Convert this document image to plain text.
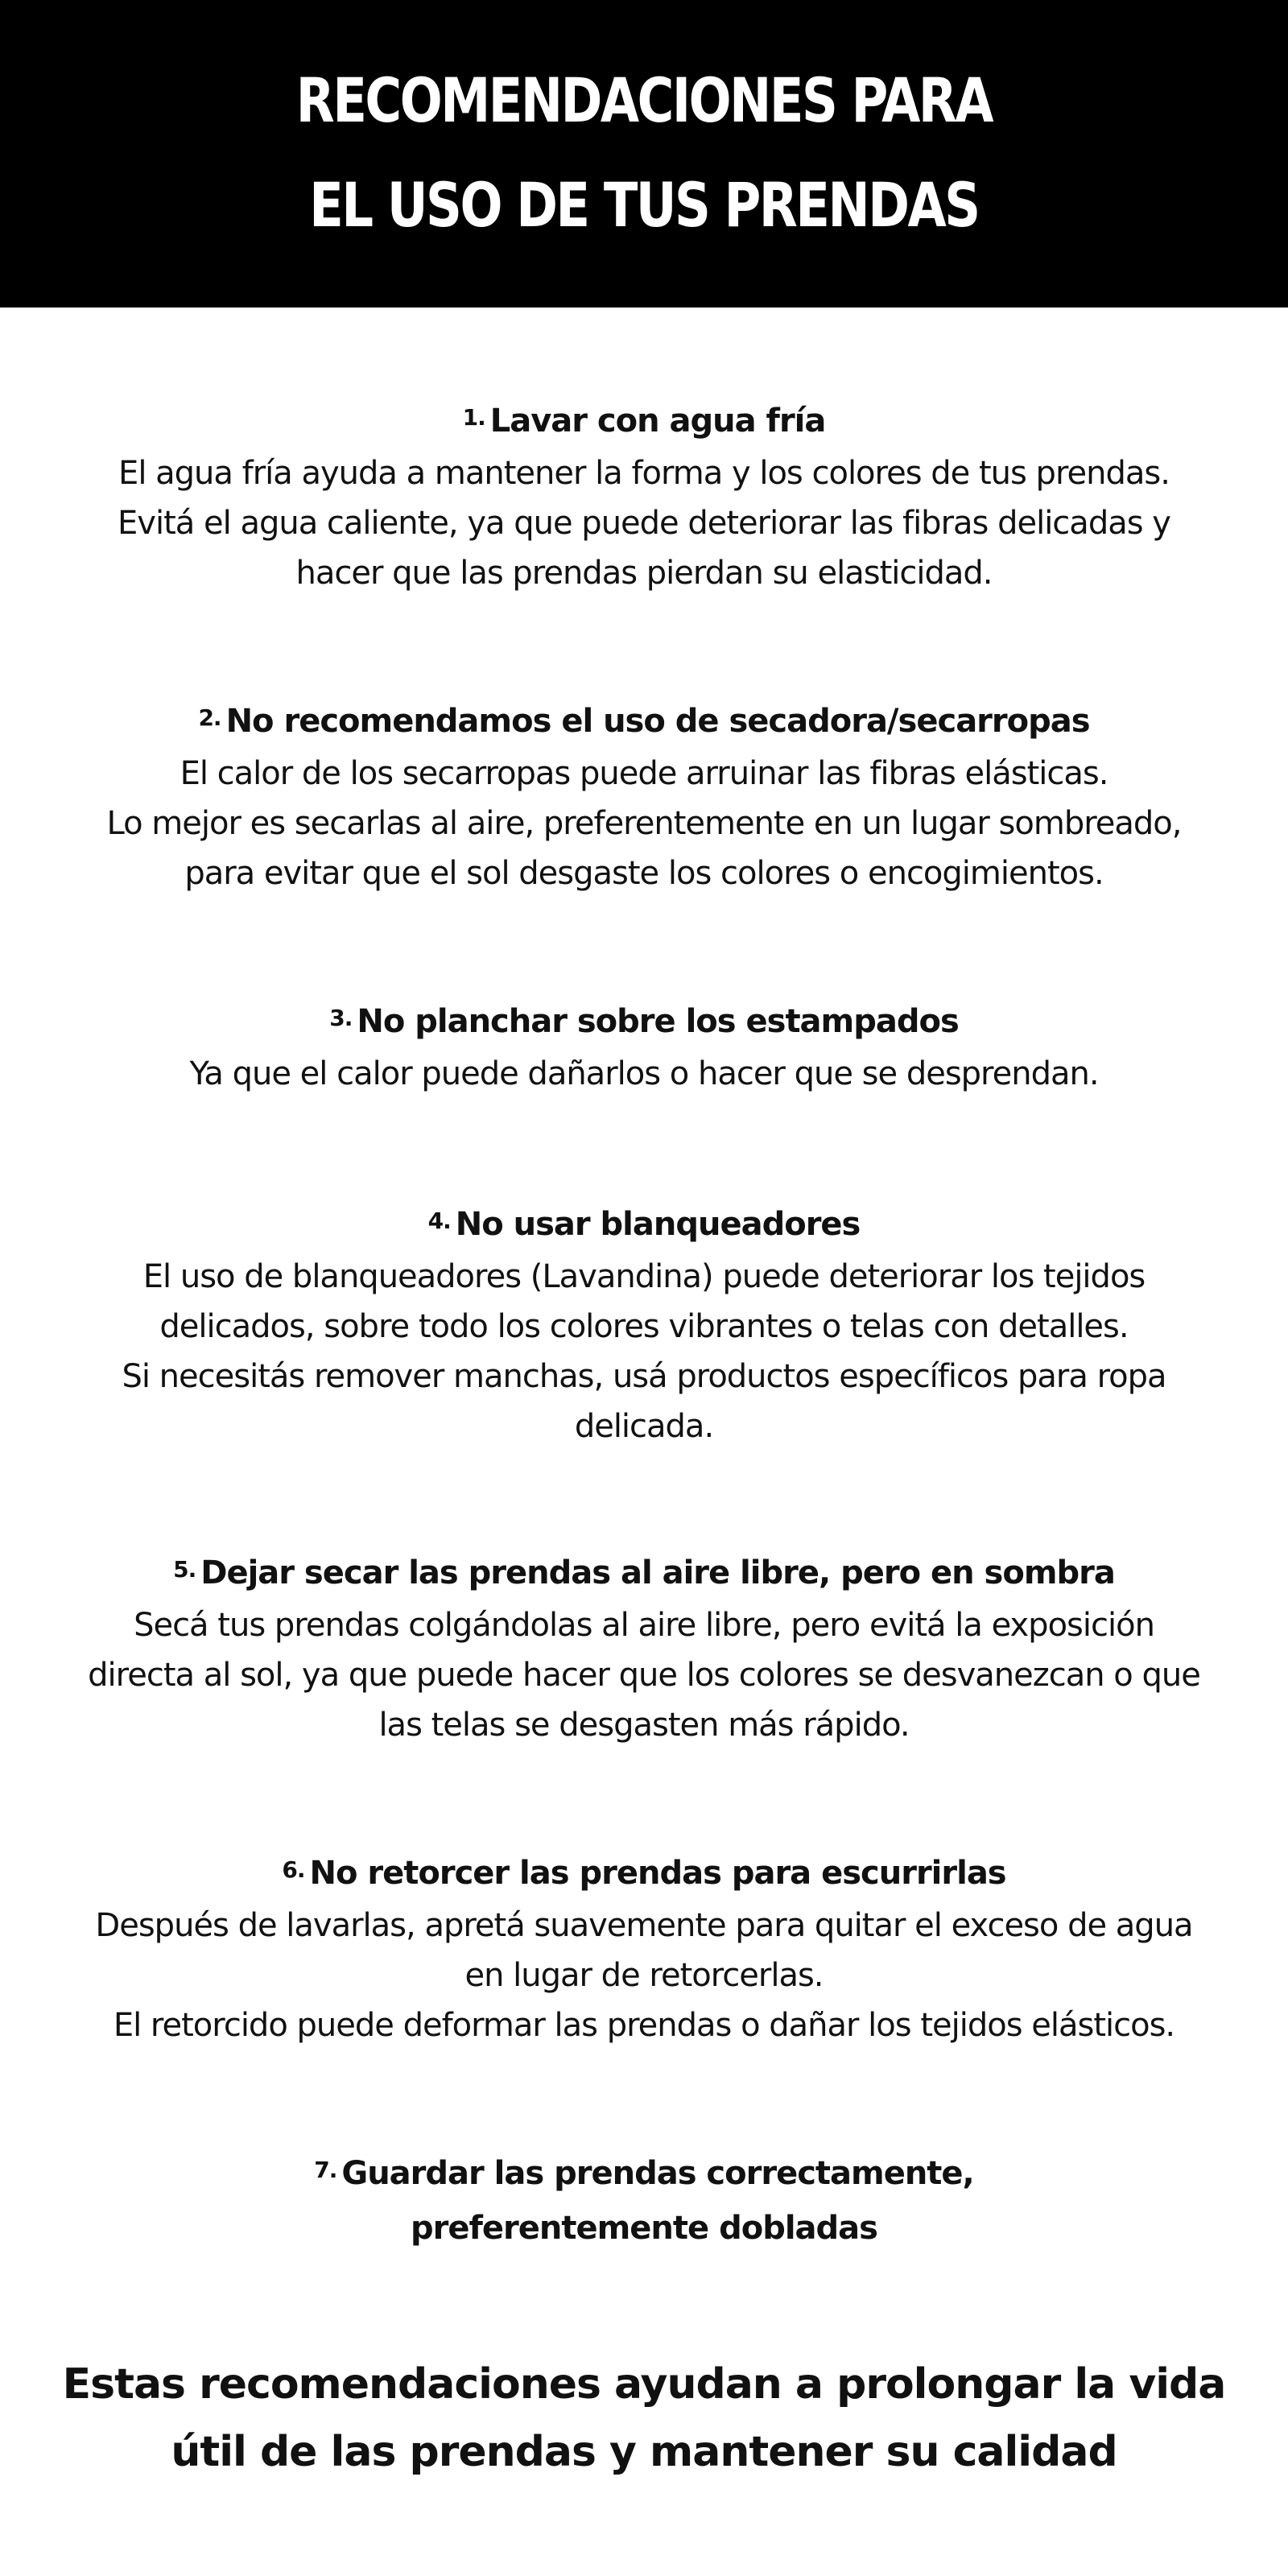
RECOMENDACIONES PARA
EL USO DE TUS PRENDAS

$^{1.}$ Lavar con agua fría

El agua fría ayuda a mantener la forma y los colores de tus prendas.
Evitá el agua caliente, ya que puede deteriorar las fibras delicadas y
hacer que las prendas pierdan su elasticidad.

$^{2.}$ No recomendamos el uso de secadora/secarropas

El calor de los secarropas puede arruinar las fibras elásticas.
Lo mejor es secarlas al aire, preferentemente en un lugar sombreado,
para evitar que el sol desgaste los colores o encogimientos.

$^{3.}$ No planchar sobre los estampados

Ya que el calor puede dañarlos o hacer que se desprendan.

$^{4.}$ No usar blanqueadores

El uso de blanqueadores (Lavandina) puede deteriorar los tejidos
delicados, sobre todo los colores vibrantes o telas con detalles.
Si necesitás remover manchas, usá productos específicos para ropa
delicada.

$^{5.}$ Dejar secar las prendas al aire libre, pero en sombra

Secá tus prendas colgándolas al aire libre, pero evitá la exposición
directa al sol, ya que puede hacer que los colores se desvanezcan o que
las telas se desgasten más rápido.

$^{6.}$ No retorcer las prendas para escurrirlas

Después de lavarlas, apretá suavemente para quitar el exceso de agua
en lugar de retorcerlas.
El retorcido puede deformar las prendas o dañar los tejidos elásticos.

$^{7.}$ Guardar las prendas correctamente,

preferentemente dobladas

Estas recomendaciones ayudan a prolongar la vida
útil de las prendas y mantener su calidad
